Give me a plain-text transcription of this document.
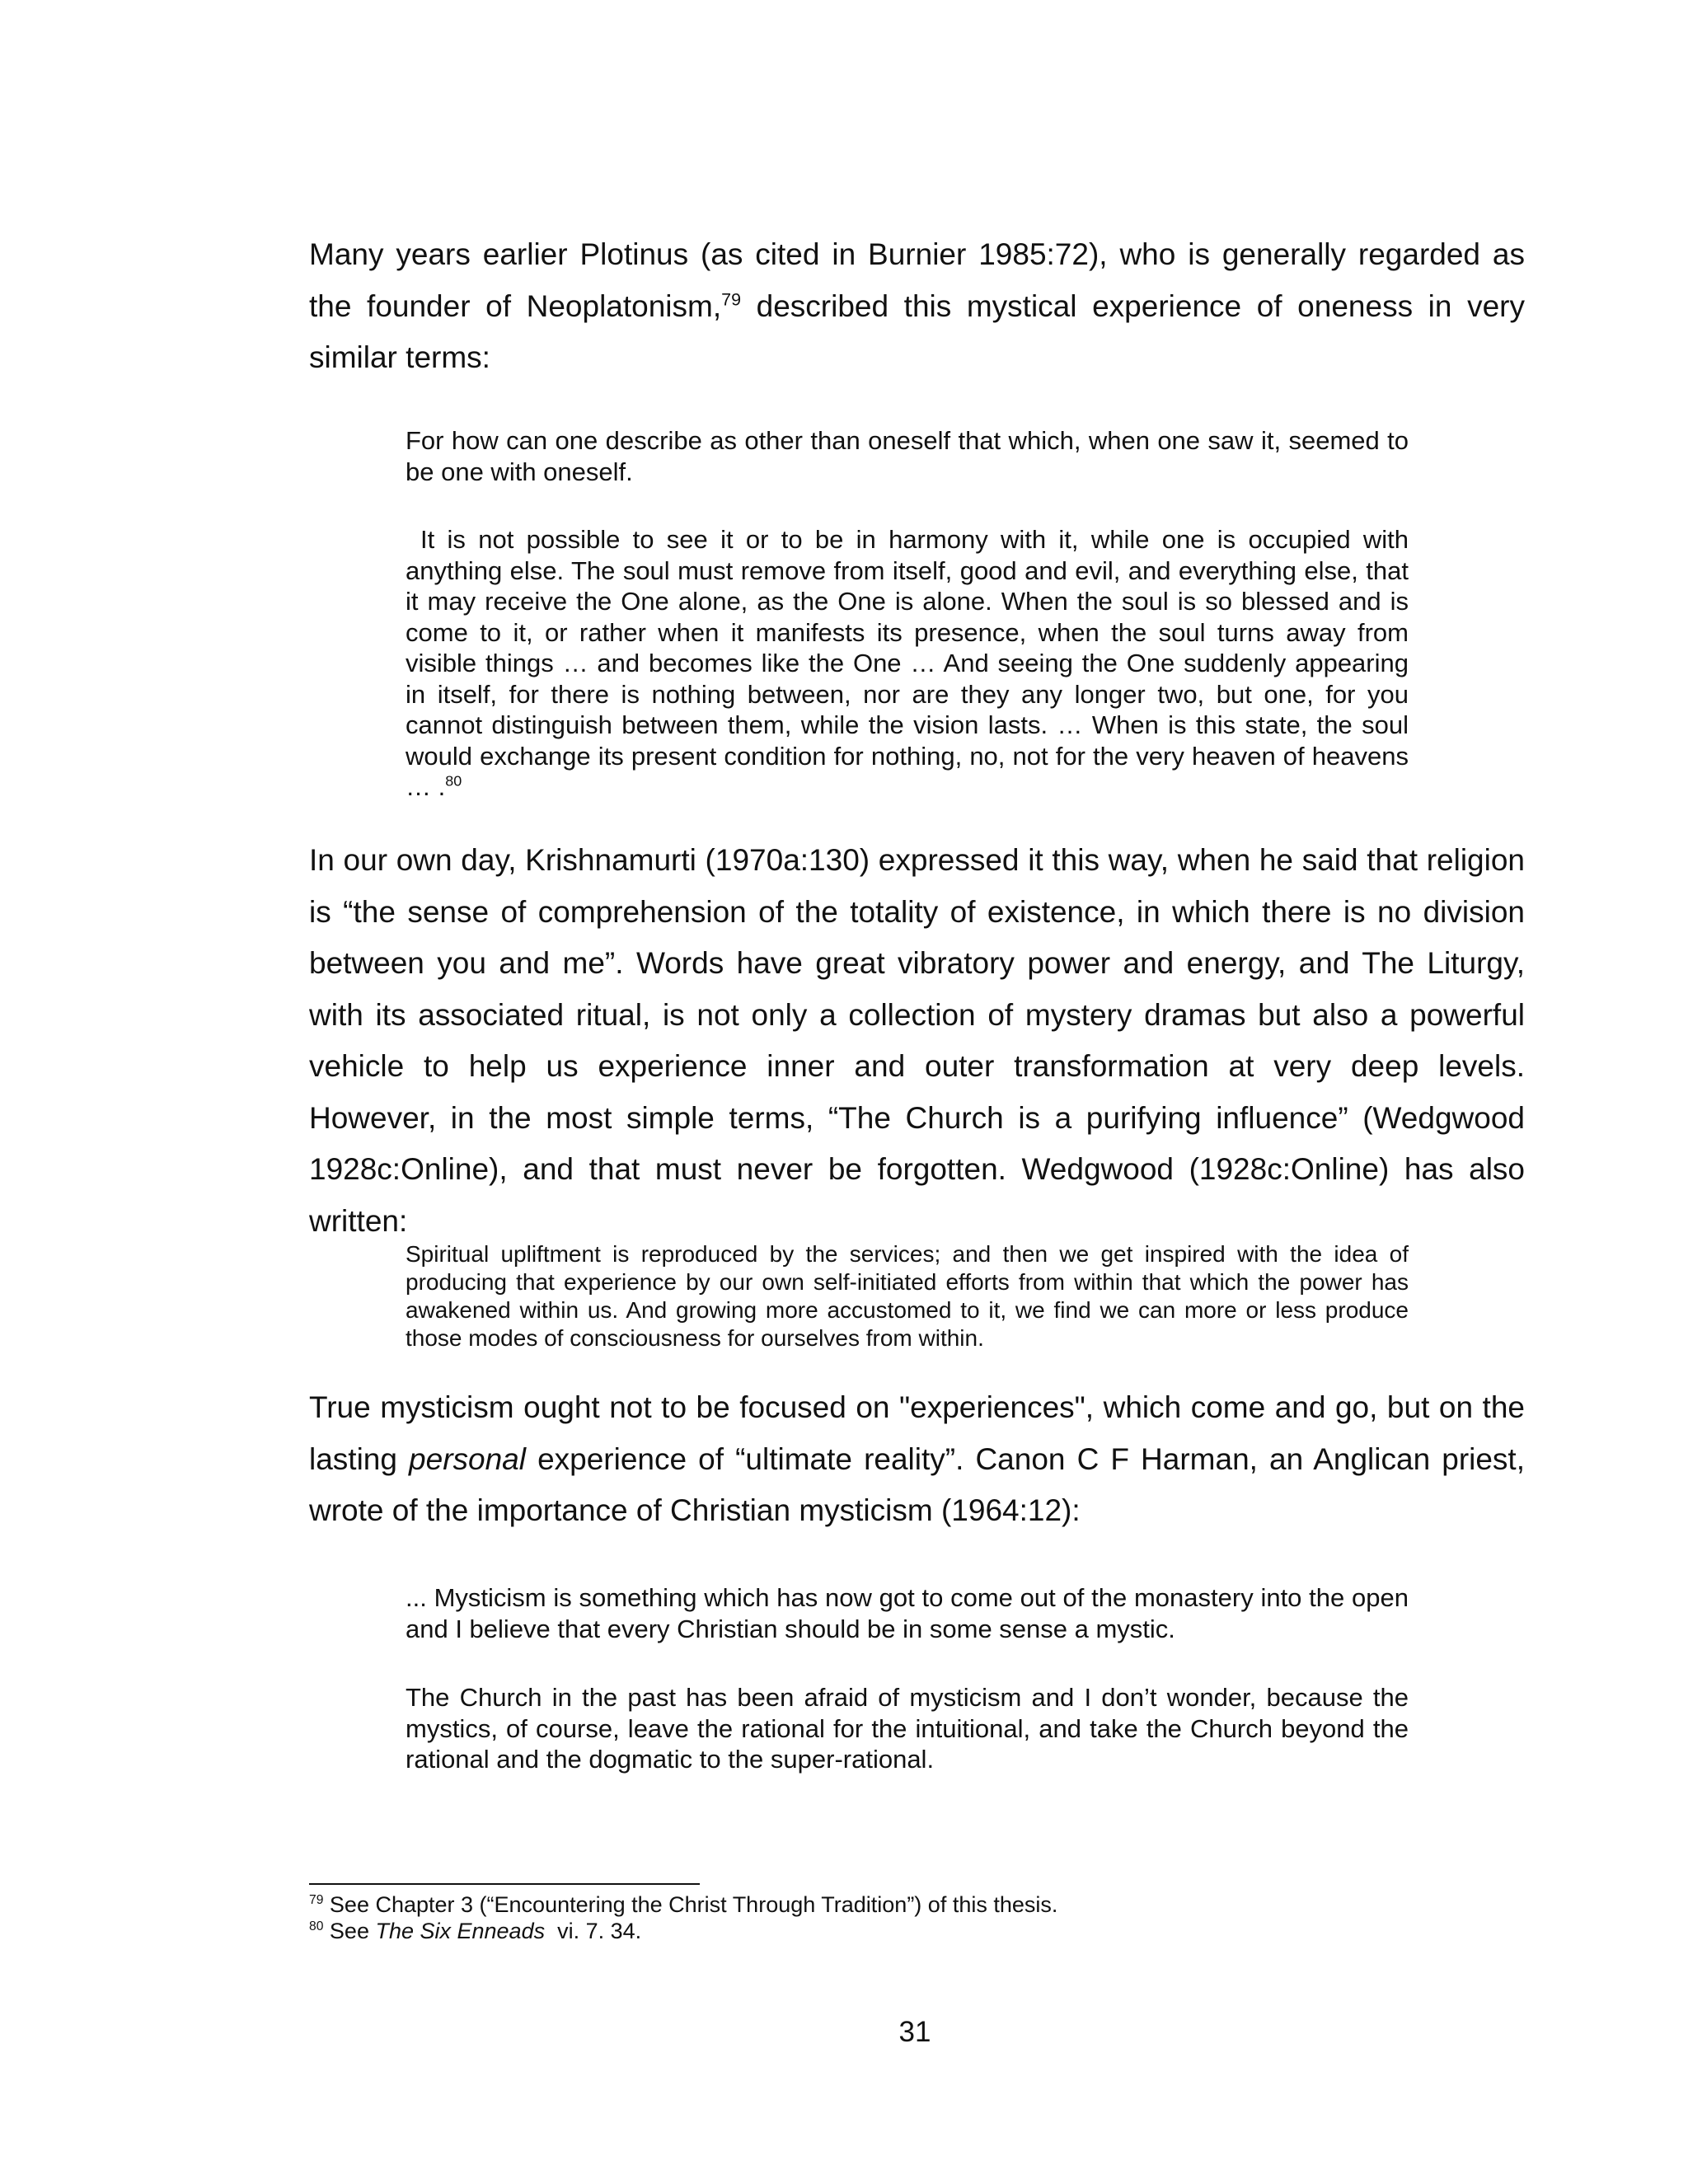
Many years earlier Plotinus (as cited in Burnier 1985:72), who is generally regarded as the founder of Neoplatonism,$^{79}$ described this mystical experience of oneness in very similar terms:

For how can one describe as other than oneself that which, when one saw it, seemed to be one with oneself.

It is not possible to see it or to be in harmony with it, while one is occupied with anything else. The soul must remove from itself, good and evil, and everything else, that it may receive the One alone, as the One is alone. When the soul is so blessed and is come to it, or rather when it manifests its presence, when the soul turns away from visible things … and becomes like the One … And seeing the One suddenly appearing in itself, for there is nothing between, nor are they any longer two, but one, for you cannot distinguish between them, while the vision lasts. … When is this state, the soul would exchange its present condition for nothing, no, not for the very heaven of heavens … .$^{80}$

In our own day, Krishnamurti (1970a:130) expressed it this way, when he said that religion is “the sense of comprehension of the totality of existence, in which there is no division between you and me”. Words have great vibratory power and energy, and The Liturgy, with its associated ritual, is not only a collection of mystery dramas but also a powerful vehicle to help us experience inner and outer transformation at very deep levels. However, in the most simple terms, “The Church is a purifying influence” (Wedgwood 1928c:Online), and that must never be forgotten. Wedgwood (1928c:Online) has also written:

Spiritual upliftment is reproduced by the services; and then we get inspired with the idea of producing that experience by our own self-initiated efforts from within that which the power has awakened within us. And growing more accustomed to it, we find we can more or less produce those modes of consciousness for ourselves from within.

True mysticism ought not to be focused on "experiences", which come and go, but on the lasting personal experience of “ultimate reality”. Canon C F Harman, an Anglican priest, wrote of the importance of Christian mysticism (1964:12):

... Mysticism is something which has now got to come out of the monastery into the open and I believe that every Christian should be in some sense a mystic.

The Church in the past has been afraid of mysticism and I don’t wonder, because the mystics, of course, leave the rational for the intuitional, and take the Church beyond the rational and the dogmatic to the super-rational.

$^{79}$ See Chapter 3 (“Encountering the Christ Through Tradition”) of this thesis.

$^{80}$ See The Six Enneads  vi. 7. 34.

31
